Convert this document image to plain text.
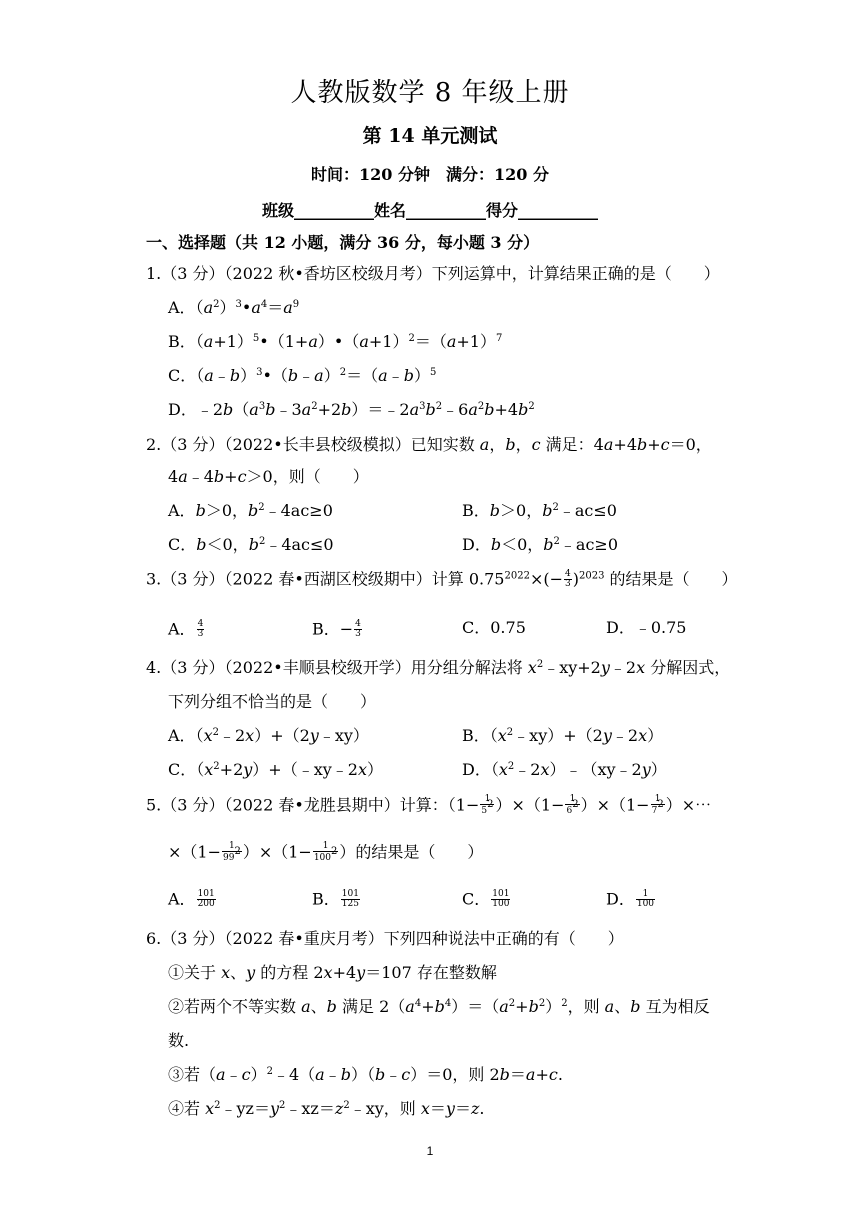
人教版数学 8 年级上册
第 14 单元测试
时间：120 分钟　满分：120 分
班级__________姓名__________得分__________
一、选择题（共 12 小题，满分 36 分，每小题 3 分）
1.（3 分）（2022 秋•香坊区校级月考）下列运算中，计算结果正确的是（　　）
A．$(a^2)^3•a^4=a^9$
B．$(a+1)^5•(1+a)•(a+1)^2=(a+1)^7$
C．（a﹣b）$^3$•（b﹣a）$^2$＝（a﹣b）$^5$
D．$﹣2b(a^3b﹣3a^2+2b)=﹣2a^3b^2﹣6a^2b+4b^2$
2.（3 分）（2022•长丰县校级模拟）已知实数 a，b，c 满足：4a+4b+c＝0，
4a﹣4b+c＞0，则（　　）
A．b＞0，$b^2﹣4ac\ge 0$	B．b＞0，$b^2﹣ac\le 0$
C．b＜0，$b^2﹣4ac\le 0$	D．b＜0，$b^2﹣ac\ge 0$
3.（3 分）（2022 春•西湖区校级期中）计算 $0.75^{2022}\times(- \frac{4}{3} )^{2023}$ 的结果是（　　）
A． $\frac{4}{3}$	B．− $\frac{4}{3}$	C．0.75	D．﹣0.75
4.（3 分）（2022•丰顺县校级开学）用分组分解法将 $x^2﹣xy+2y﹣2x$ 分解因式，
下列分组不恰当的是（　　）
A．$(x^2﹣2x)+(2y﹣xy)$	B．$(x^2﹣xy)+(2y﹣2x)$
C．$(x^2+2y)+(﹣xy﹣2x)$	D．$(x^2﹣2x)﹣(xy﹣2y)$
5.（3 分）（2022 春•龙胜县期中）计算：$(1- \frac{1}{5^2} )\times(1- \frac{1}{6^2} )\times(1- \frac{1}{7^2}$ ）×⋯
$\times(1- \frac{1}{99^2} )\times(1- \frac{1}{100^2}$ ）的结果是（　　）
A． $\frac{101}{200}$	B． $\frac{101}{125}$	C． $\frac{101}{100}$	D． $\frac{1}{100}$
6.（3 分）（2022 春•重庆月考）下列四种说法中正确的有（　　）
①关于 x、y 的方程 2x+4y＝107 存在整数解
②若两个不等实数 a、b 满足 $2(a^4+b^4)=(a^2+b^2)^2$，则 a、b 互为相反
数.
③若（a﹣c）$^2$﹣4（a﹣b）（b﹣c）＝0，则 2b＝a+c.
④若 $x^2﹣yz=y^2﹣xz=z^2﹣xy$，则 x＝y＝z.
1
